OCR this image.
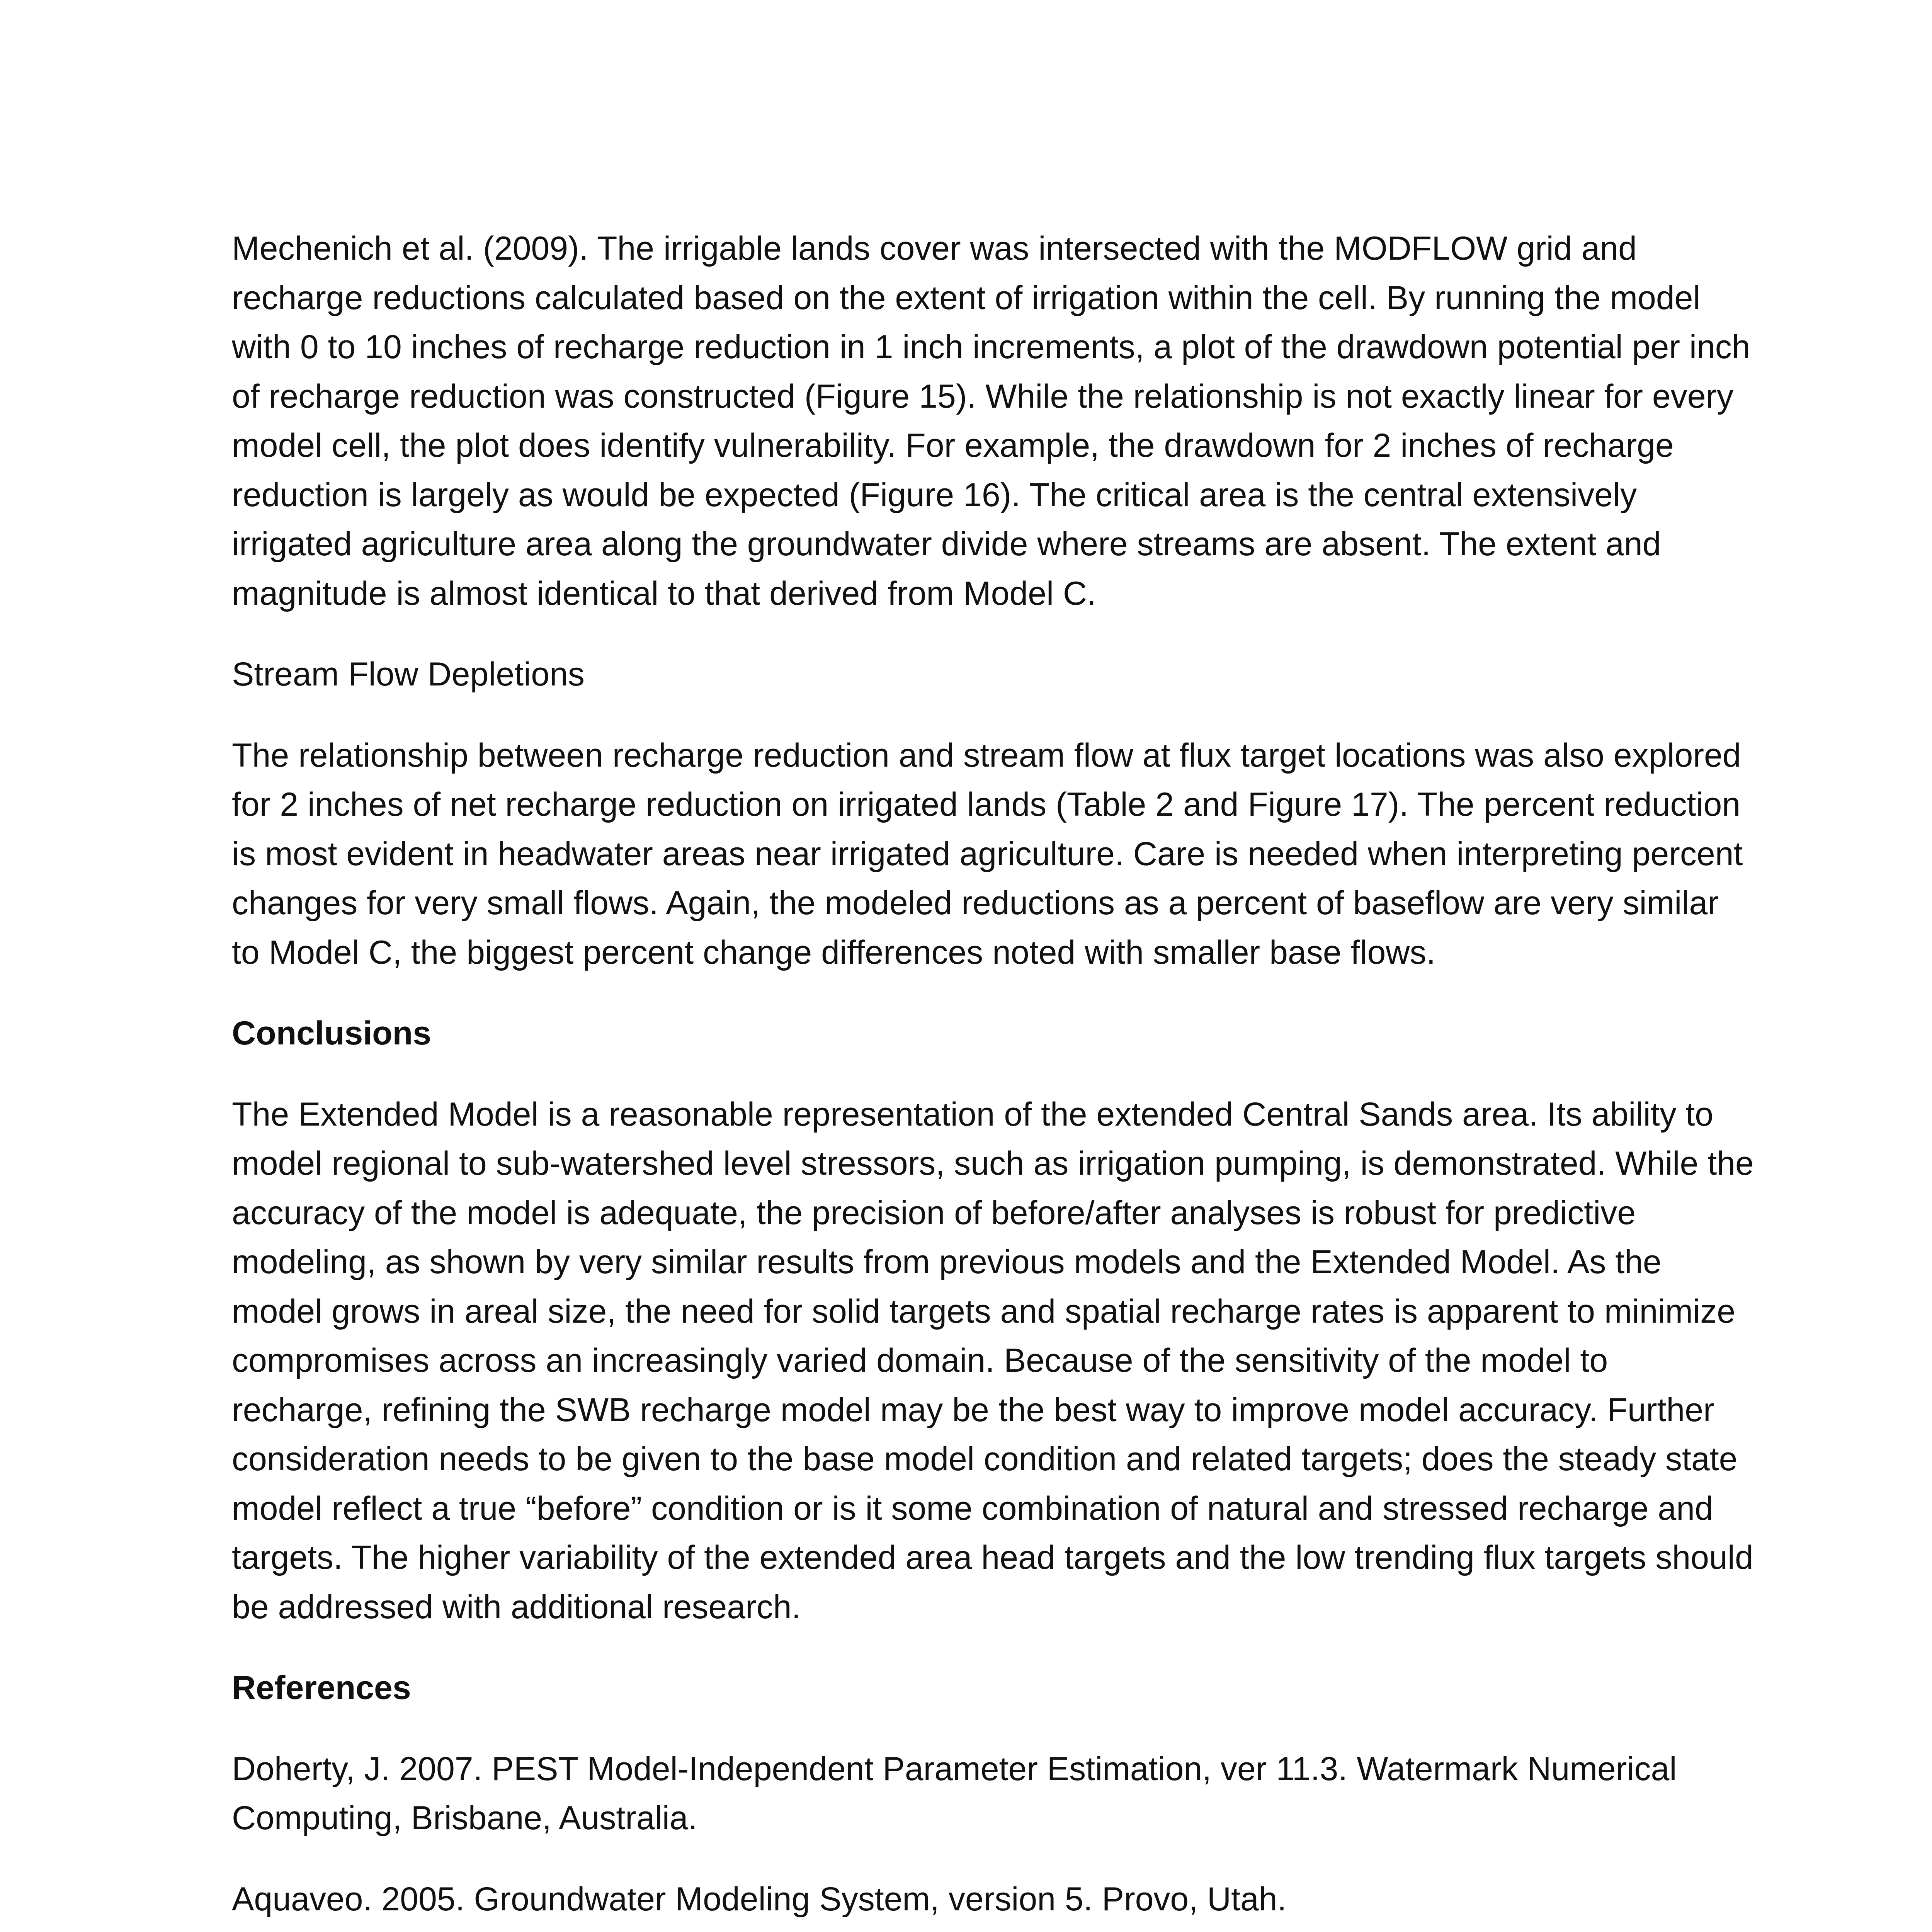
Mechenich et al. (2009). The irrigable lands cover was intersected with the MODFLOW grid and recharge reductions calculated based on the extent of irrigation within the cell. By running the model with 0 to 10 inches of recharge reduction in 1 inch increments, a plot of the drawdown potential per inch of recharge reduction was constructed (Figure 15). While the relationship is not exactly linear for every model cell, the plot does identify vulnerability. For example, the drawdown for 2 inches of recharge reduction is largely as would be expected (Figure 16). The critical area is the central extensively irrigated agriculture area along the groundwater divide where streams are absent. The extent and magnitude is almost identical to that derived from Model C.

Stream Flow Depletions

The relationship between recharge reduction and stream flow at flux target locations was also explored for 2 inches of net recharge reduction on irrigated lands (Table 2 and Figure 17). The percent reduction is most evident in headwater areas near irrigated agriculture. Care is needed when interpreting percent changes for very small flows. Again, the modeled reductions as a percent of baseflow are very similar to Model C, the biggest percent change differences noted with smaller base flows.

Conclusions

The Extended Model is a reasonable representation of the extended Central Sands area. Its ability to model regional to sub-watershed level stressors, such as irrigation pumping, is demonstrated. While the accuracy of the model is adequate, the precision of before/after analyses is robust for predictive modeling, as shown by very similar results from previous models and the Extended Model. As the model grows in areal size, the need for solid targets and spatial recharge rates is apparent to minimize compromises across an increasingly varied domain. Because of the sensitivity of the model to recharge, refining the SWB recharge model may be the best way to improve model accuracy. Further consideration needs to be given to the base model condition and related targets; does the steady state model reflect a true “before” condition or is it some combination of natural and stressed recharge and targets. The higher variability of the extended area head targets and the low trending flux targets should be addressed with additional research.

References

Doherty, J. 2007. PEST Model-Independent Parameter Estimation, ver 11.3. Watermark Numerical Computing, Brisbane, Australia.

Aquaveo. 2005. Groundwater Modeling System, version 5. Provo, Utah.
